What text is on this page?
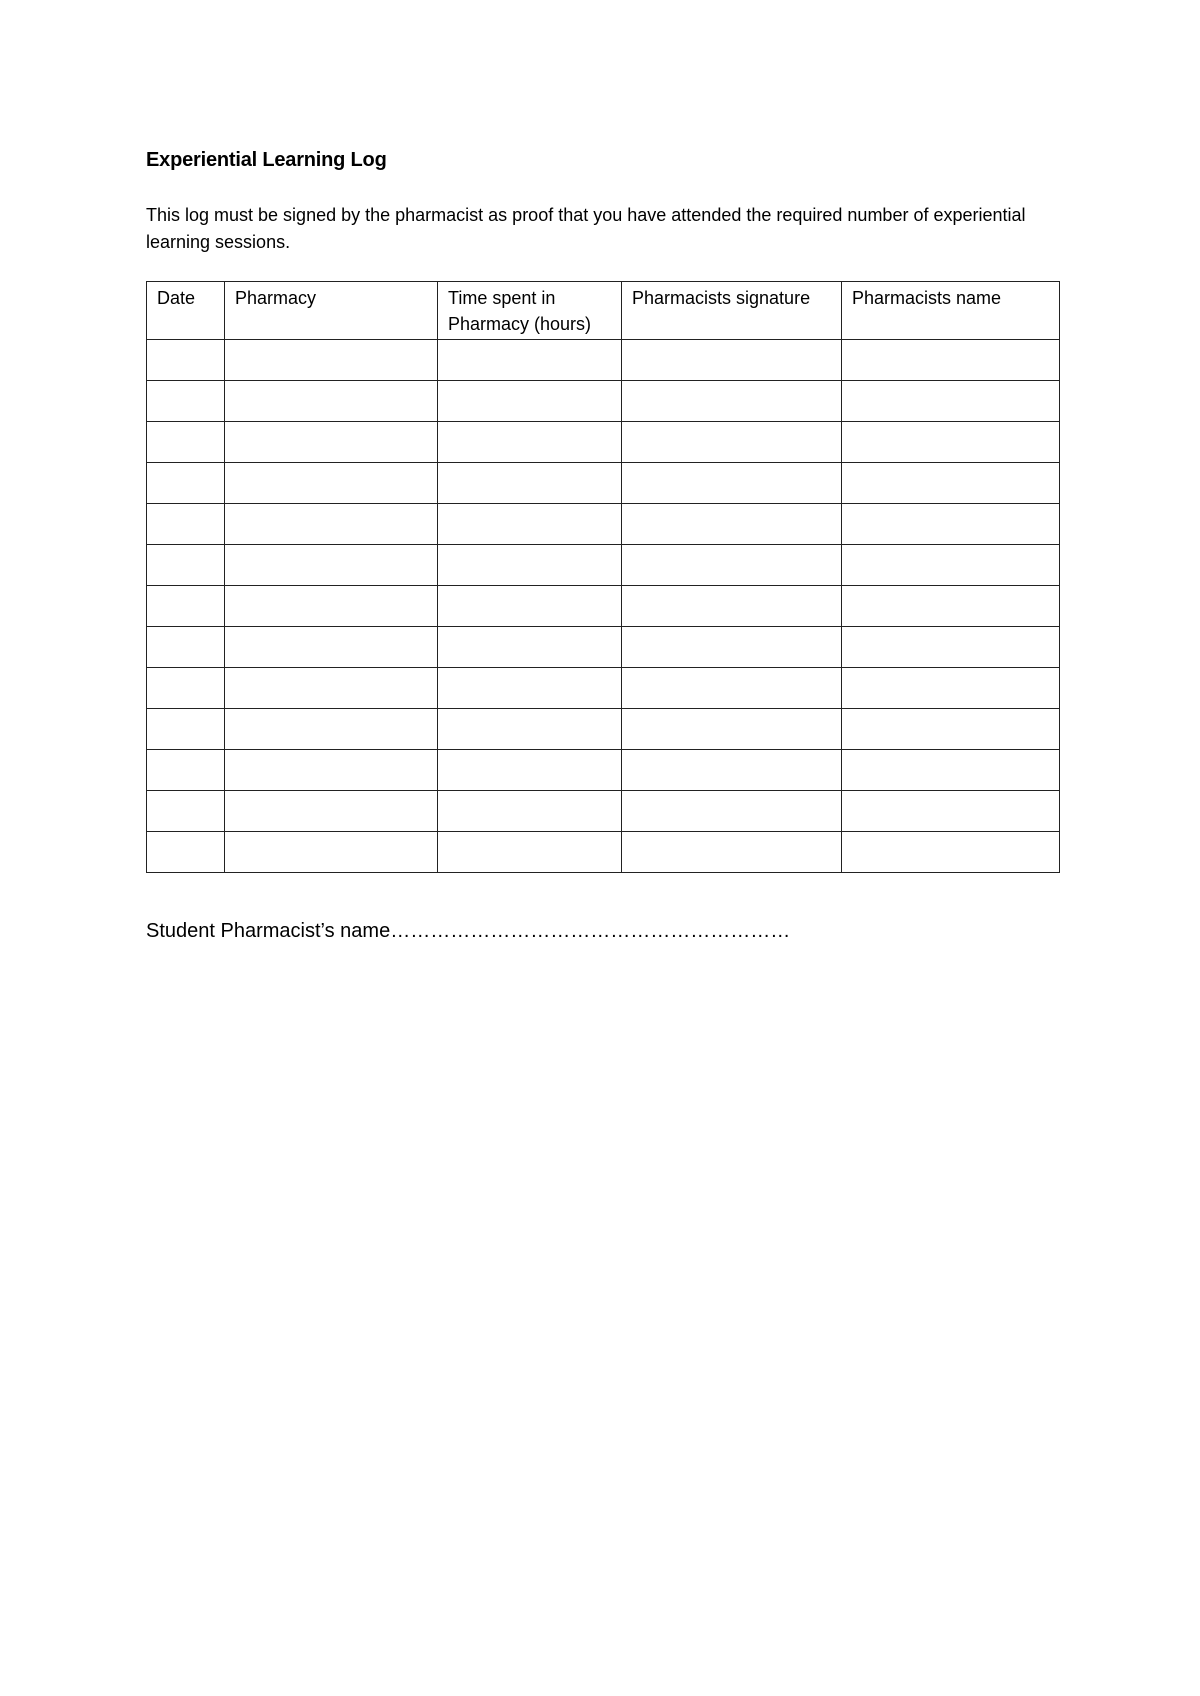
Experiential Learning Log
This log must be signed by the pharmacist as proof that you have attended the required number of experiential learning sessions.
Date	Pharmacy	Time spent in Pharmacy (hours)	Pharmacists signature	Pharmacists name

Student Pharmacist’s name……………………………………………………
